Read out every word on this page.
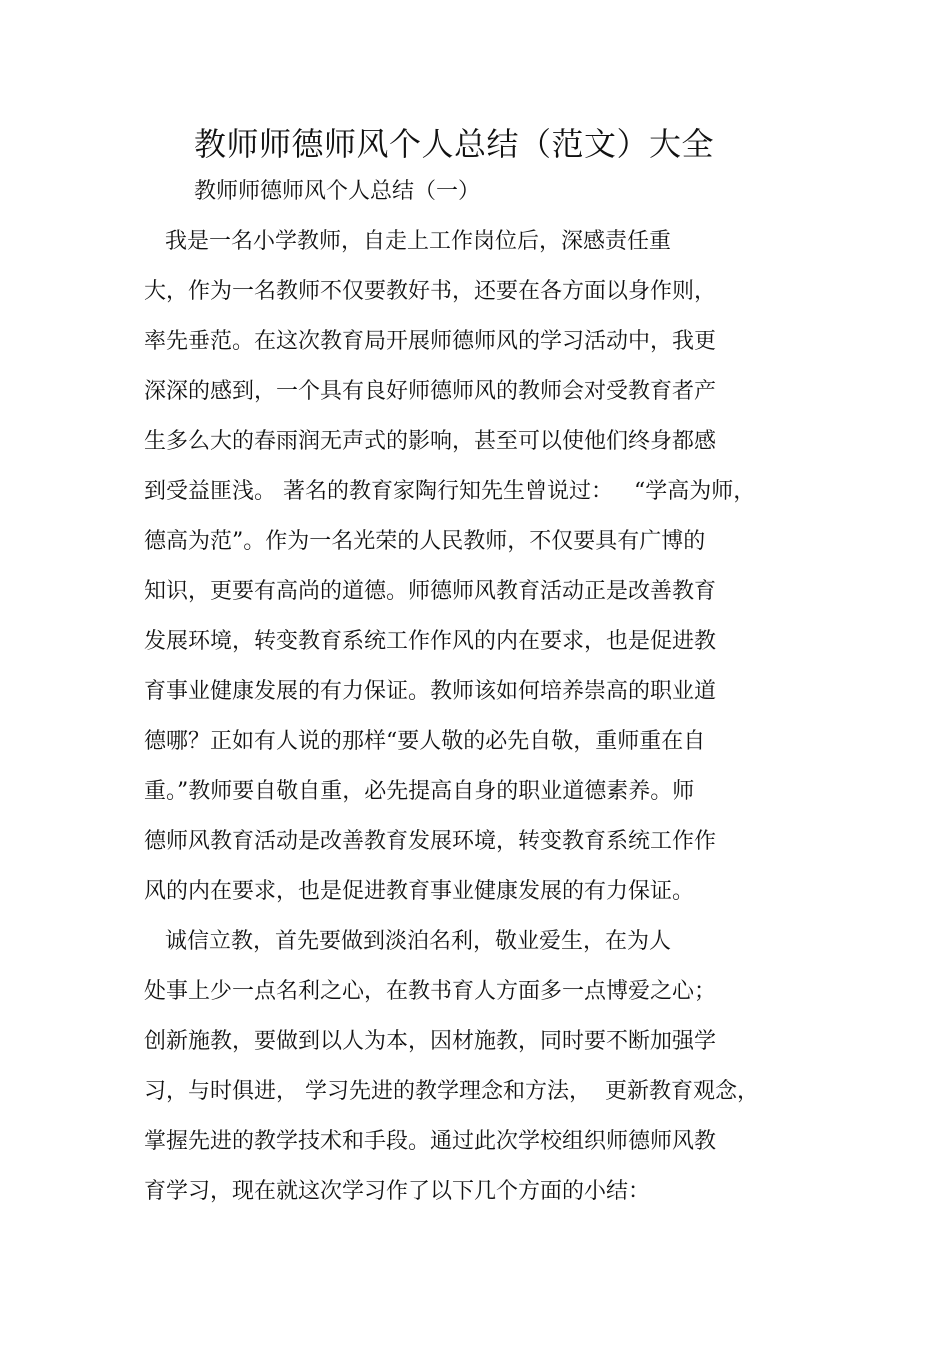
教师师德师风个人总结（范文）大全
教师师德师风个人总结（一）
我是一名小学教师，自走上工作岗位后，深感责任重
大，作为一名教师不仅要教好书，还要在各方面以身作则，
率先垂范。在这次教育局开展师德师风的学习活动中，我更
深深的感到，一个具有良好师德师风的教师会对受教育者产
生多么大的春雨润无声式的影响，甚至可以使他们终身都感
到受益匪浅。 著名的教育家陶行知先生曾说过：   “学高为师，
德高为范”。作为一名光荣的人民教师，不仅要具有广博的
知识，更要有高尚的道德。师德师风教育活动正是改善教育
发展环境，转变教育系统工作作风的内在要求，也是促进教
育事业健康发展的有力保证。教师该如何培养崇高的职业道
德哪？正如有人说的那样“要人敬的必先自敬，重师重在自
重。”教师要自敬自重，必先提高自身的职业道德素养。师
德师风教育活动是改善教育发展环境，转变教育系统工作作
风的内在要求，也是促进教育事业健康发展的有力保证。
诚信立教，首先要做到淡泊名利，敬业爱生，在为人
处事上少一点名利之心，在教书育人方面多一点博爱之心；
创新施教，要做到以人为本，因材施教，同时要不断加强学
习，与时俱进， 学习先进的教学理念和方法，  更新教育观念，
掌握先进的教学技术和手段。通过此次学校组织师德师风教
育学习，现在就这次学习作了以下几个方面的小结：
